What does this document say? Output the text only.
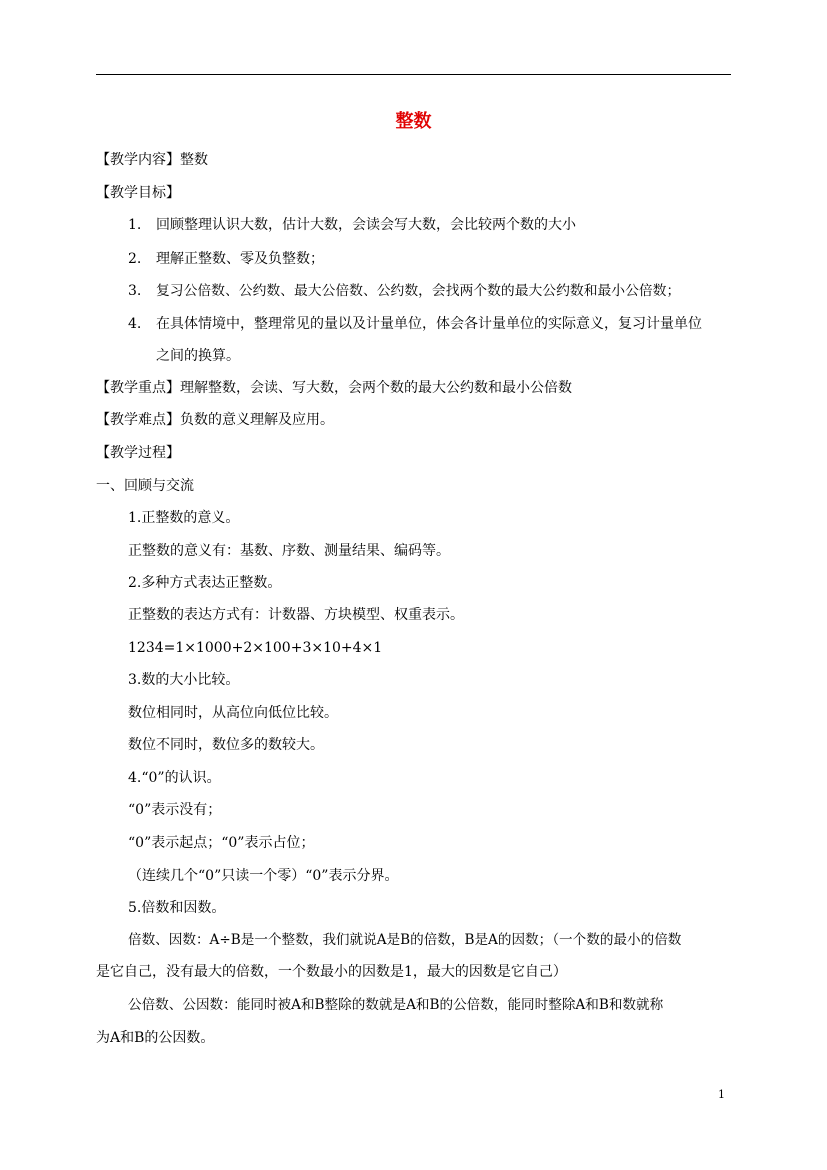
整数
【教学内容】整数
【教学目标】
1. 回顾整理认识大数，估计大数，会读会写大数，会比较两个数的大小
2. 理解正整数、零及负整数；
3. 复习公倍数、公约数、最大公倍数、公约数，会找两个数的最大公约数和最小公倍数；
4. 在具体情境中，整理常见的量以及计量单位，体会各计量单位的实际意义，复习计量单位
之间的换算。
【教学重点】理解整数，会读、写大数，会两个数的最大公约数和最小公倍数
【教学难点】负数的意义理解及应用。
【教学过程】
一、回顾与交流
1.正整数的意义。
正整数的意义有：基数、序数、测量结果、编码等。
2.多种方式表达正整数。
正整数的表达方式有：计数器、方块模型、权重表示。
1234=1×1000+2×100+3×10+4×1
3.数的大小比较。
数位相同时，从高位向低位比较。
数位不同时，数位多的数较大。
4.“0”的认识。
“0”表示没有；
“0”表示起点；“0”表示占位；
（连续几个“0”只读一个零）“0”表示分界。
5.倍数和因数。
倍数、因数：A÷B是一个整数，我们就说A是B的倍数，B是A的因数；（一个数的最小的倍数
是它自己，没有最大的倍数，一个数最小的因数是1，最大的因数是它自己）
公倍数、公因数：能同时被A和B整除的数就是A和B的公倍数，能同时整除A和B和数就称
为A和B的公因数。
1
